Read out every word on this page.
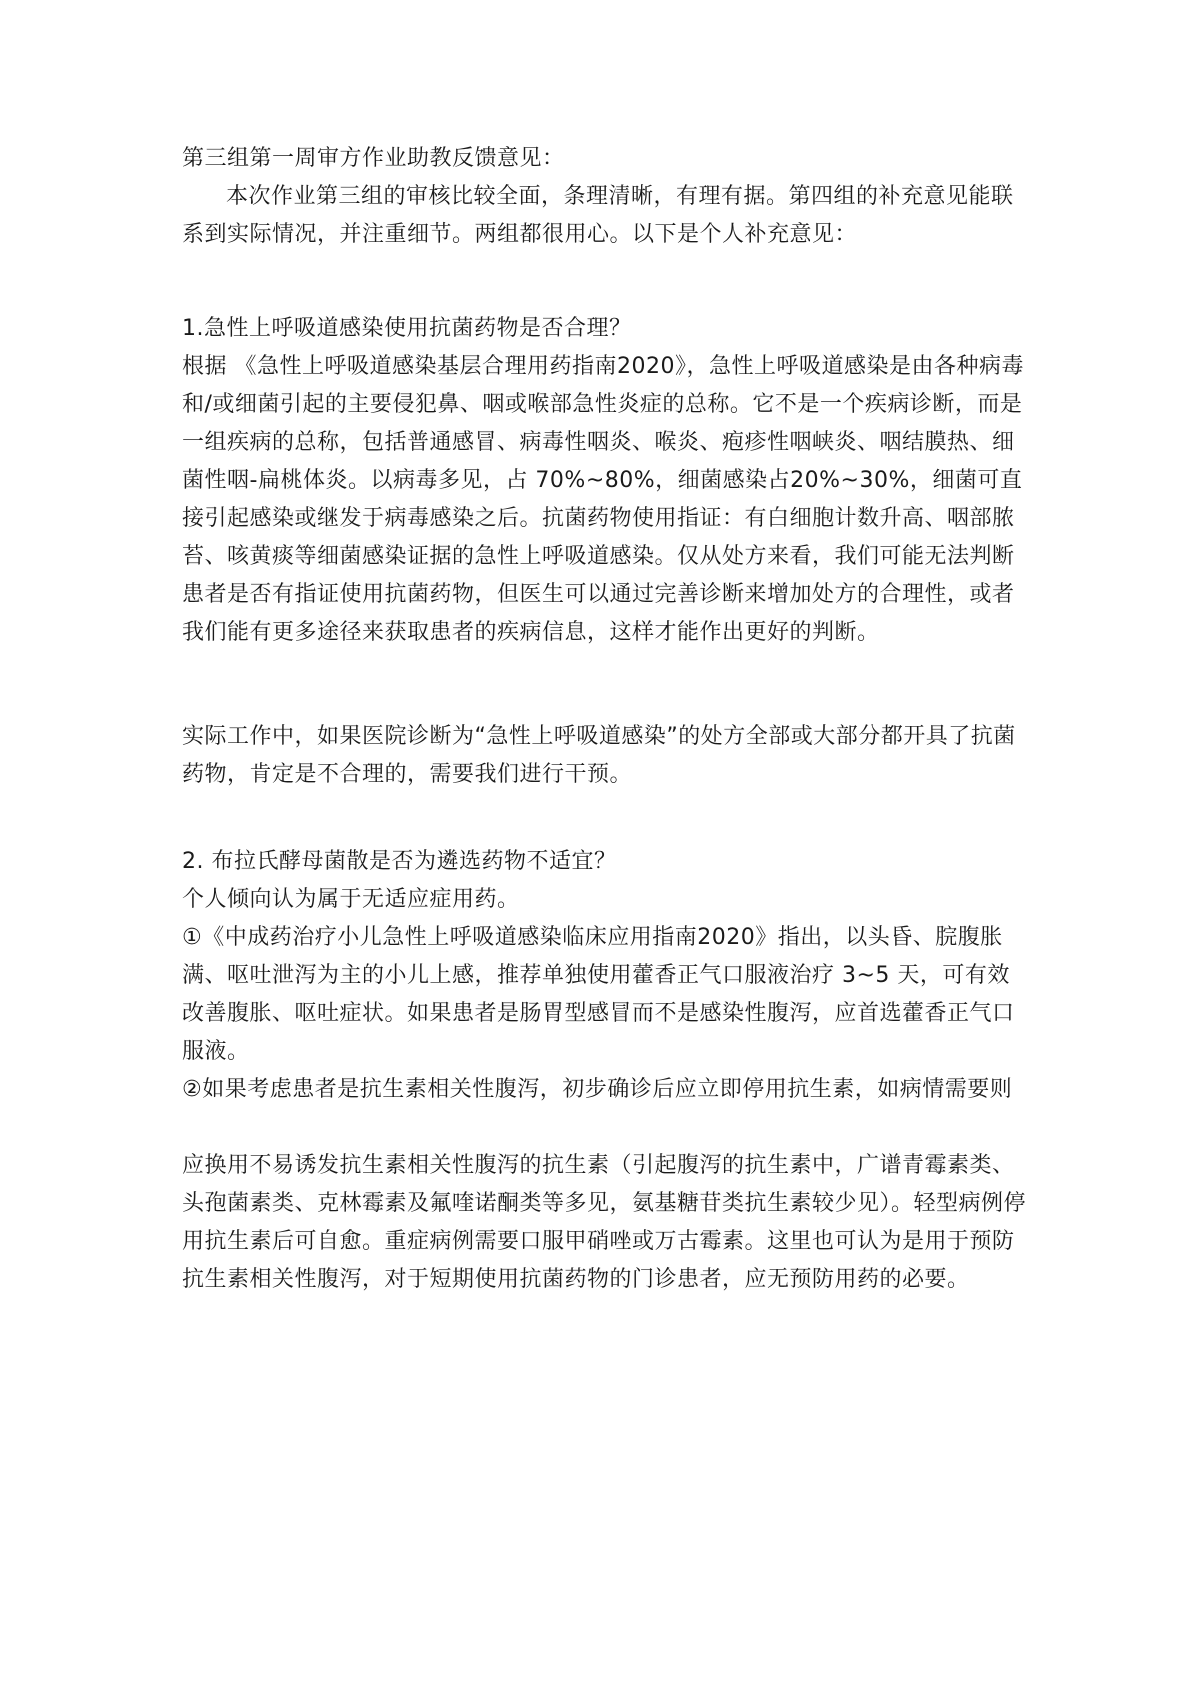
第三组第一周审方作业助教反馈意见：

本次作业第三组的审核比较全面，条理清晰，有理有据。第四组的补充意见能联系到实际情况，并注重细节。两组都很用心。以下是个人补充意见：

1.急性上呼吸道感染使用抗菌药物是否合理？

根据 《急性上呼吸道感染基层合理用药指南2020》，急性上呼吸道感染是由各种病毒和/或细菌引起的主要侵犯鼻、咽或喉部急性炎症的总称。它不是一个疾病诊断，而是一组疾病的总称，包括普通感冒、病毒性咽炎、喉炎、疱疹性咽峡炎、咽结膜热、细菌性咽-扁桃体炎。以病毒多见，占 70%~80%，细菌感染占20%~30%，细菌可直接引起感染或继发于病毒感染之后。抗菌药物使用指证：有白细胞计数升高、咽部脓苔、咳黄痰等细菌感染证据的急性上呼吸道感染。仅从处方来看，我们可能无法判断患者是否有指证使用抗菌药物，但医生可以通过完善诊断来增加处方的合理性，或者我们能有更多途径来获取患者的疾病信息，这样才能作出更好的判断。

实际工作中，如果医院诊断为“急性上呼吸道感染”的处方全部或大部分都开具了抗菌药物，肯定是不合理的，需要我们进行干预。

2. 布拉氏酵母菌散是否为遴选药物不适宜？

个人倾向认为属于无适应症用药。

①《中成药治疗小儿急性上呼吸道感染临床应用指南2020》指出，以头昏、脘腹胀满、呕吐泄泻为主的小儿上感，推荐单独使用藿香正气口服液治疗 3~5 天，可有效改善腹胀、呕吐症状。如果患者是肠胃型感冒而不是感染性腹泻，应首选藿香正气口服液。

②如果考虑患者是抗生素相关性腹泻，初步确诊后应立即停用抗生素，如病情需要则

应换用不易诱发抗生素相关性腹泻的抗生素（引起腹泻的抗生素中，广谱青霉素类、头孢菌素类、克林霉素及氟喹诺酮类等多见，氨基糖苷类抗生素较少见）。轻型病例停用抗生素后可自愈。重症病例需要口服甲硝唑或万古霉素。这里也可认为是用于预防抗生素相关性腹泻，对于短期使用抗菌药物的门诊患者，应无预防用药的必要。
